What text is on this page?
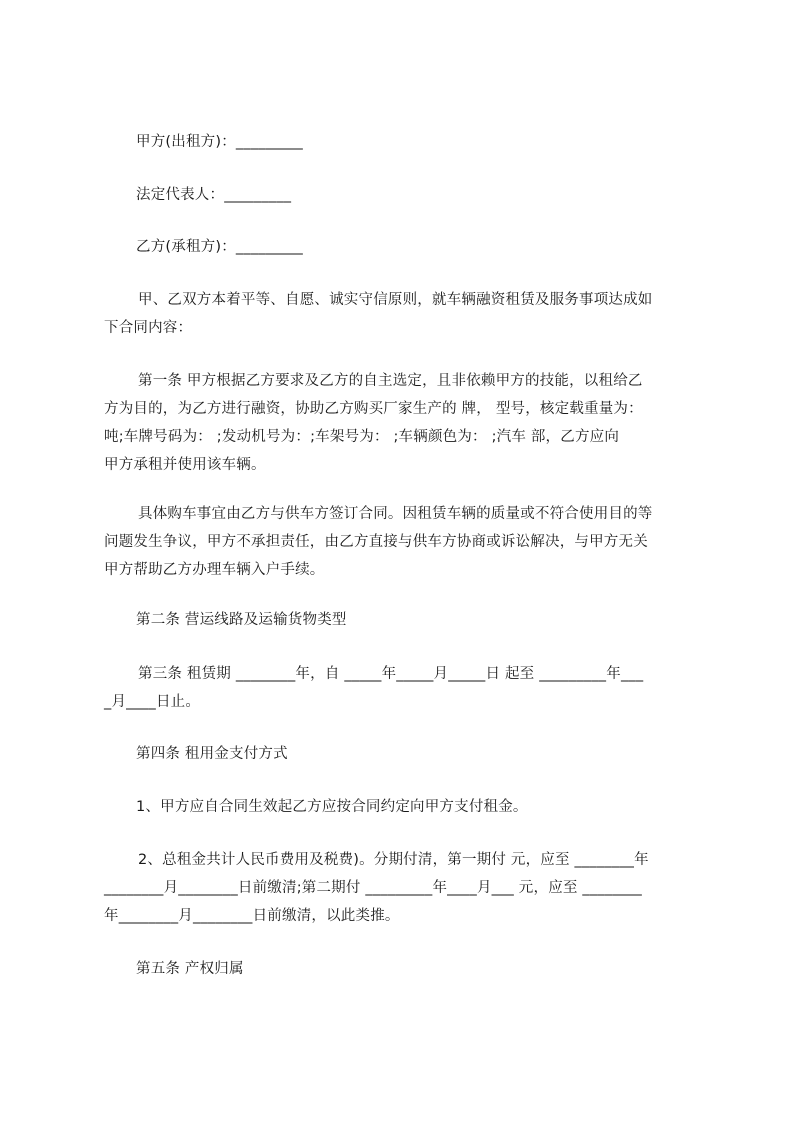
甲方(出租方)：_________
法定代表人：_________
乙方(承租方)：_________
甲、乙双方本着平等、自愿、诚实守信原则，就车辆融资租赁及服务事项达成如
下合同内容：
第一条 甲方根据乙方要求及乙方的自主选定，且非依赖甲方的技能，以租给乙
方为目的，为乙方进行融资，协助乙方购买厂家生产的 牌， 型号，核定载重量为：
吨;车牌号码为： ;发动机号为：;车架号为： ;车辆颜色为： ;汽车 部，乙方应向
甲方承租并使用该车辆。
具体购车事宜由乙方与供车方签订合同。因租赁车辆的质量或不符合使用目的等
问题发生争议，甲方不承担责任，由乙方直接与供车方协商或诉讼解决，与甲方无关
甲方帮助乙方办理车辆入户手续。
第二条 营运线路及运输货物类型
第三条 租赁期 ________年，自 _____年_____月_____日 起至 _________年___
_月____日止。
第四条 租用金支付方式
1、甲方应自合同生效起乙方应按合同约定向甲方支付租金。
2、总租金共计人民币费用及税费)。分期付清，第一期付 元，应至 ________年
________月________日前缴清;第二期付 _________年____月___ 元，应至 ________
年________月________日前缴清，以此类推。
第五条 产权归属
